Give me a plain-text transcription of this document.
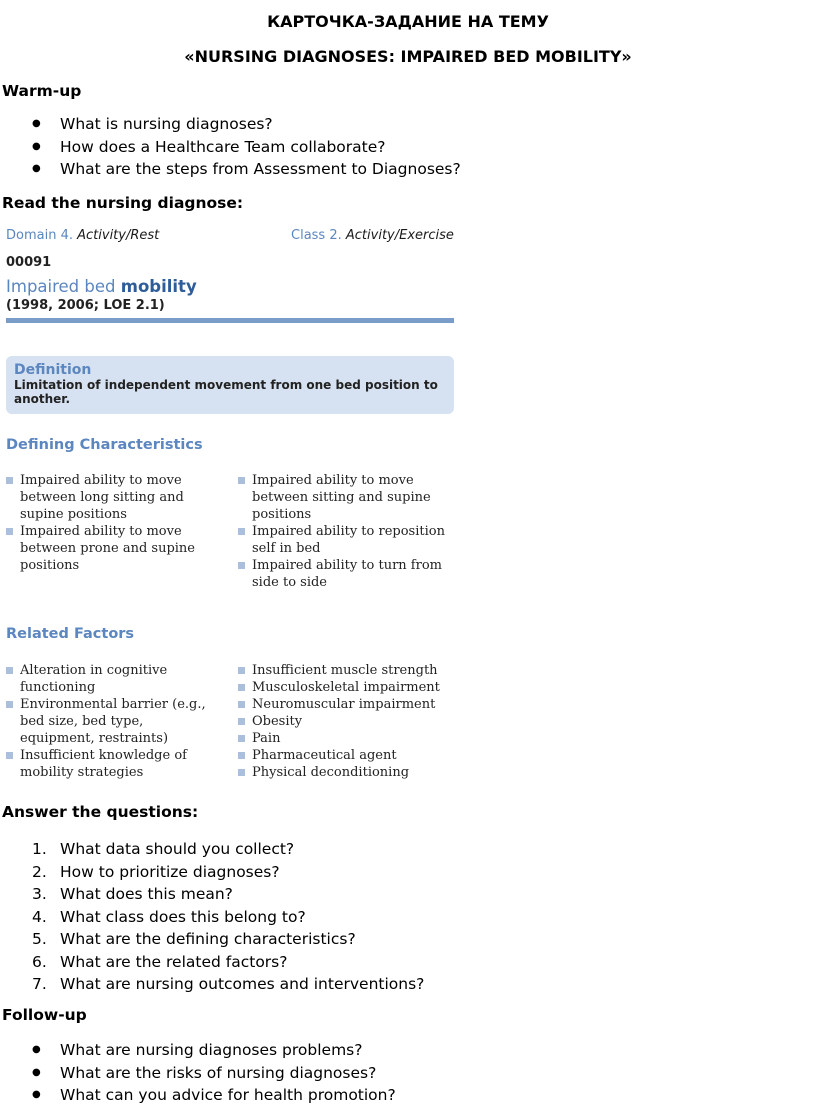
КАРТОЧКА-ЗАДАНИЕ НА ТЕМУ
«NURSING DIAGNOSES: IMPAIRED BED MOBILITY»
Warm-up
● What is nursing diagnoses?
● How does a Healthcare Team collaborate?
● What are the steps from Assessment to Diagnoses?
Read the nursing diagnose:
Domain 4. Activity/Rest	Class 2. Activity/Exercise
00091
Impaired bed mobility
(1998, 2006; LOE 2.1)
Definition
Limitation of independent movement from one bed position to another.
Defining Characteristics
Impaired ability to move between long sitting and supine positions
Impaired ability to move between prone and supine positions
Impaired ability to move between sitting and supine positions
Impaired ability to reposition self in bed
Impaired ability to turn from side to side
Related Factors
Alteration in cognitive functioning
Environmental barrier (e.g., bed size, bed type, equipment, restraints)
Insufficient knowledge of mobility strategies
Insufficient muscle strength
Musculoskeletal impairment
Neuromuscular impairment
Obesity
Pain
Pharmaceutical agent
Physical deconditioning
Answer the questions:
1. What data should you collect?
2. How to prioritize diagnoses?
3. What does this mean?
4. What class does this belong to?
5. What are the defining characteristics?
6. What are the related factors?
7. What are nursing outcomes and interventions?
Follow-up
● What are nursing diagnoses problems?
● What are the risks of nursing diagnoses?
● What can you advice for health promotion?
